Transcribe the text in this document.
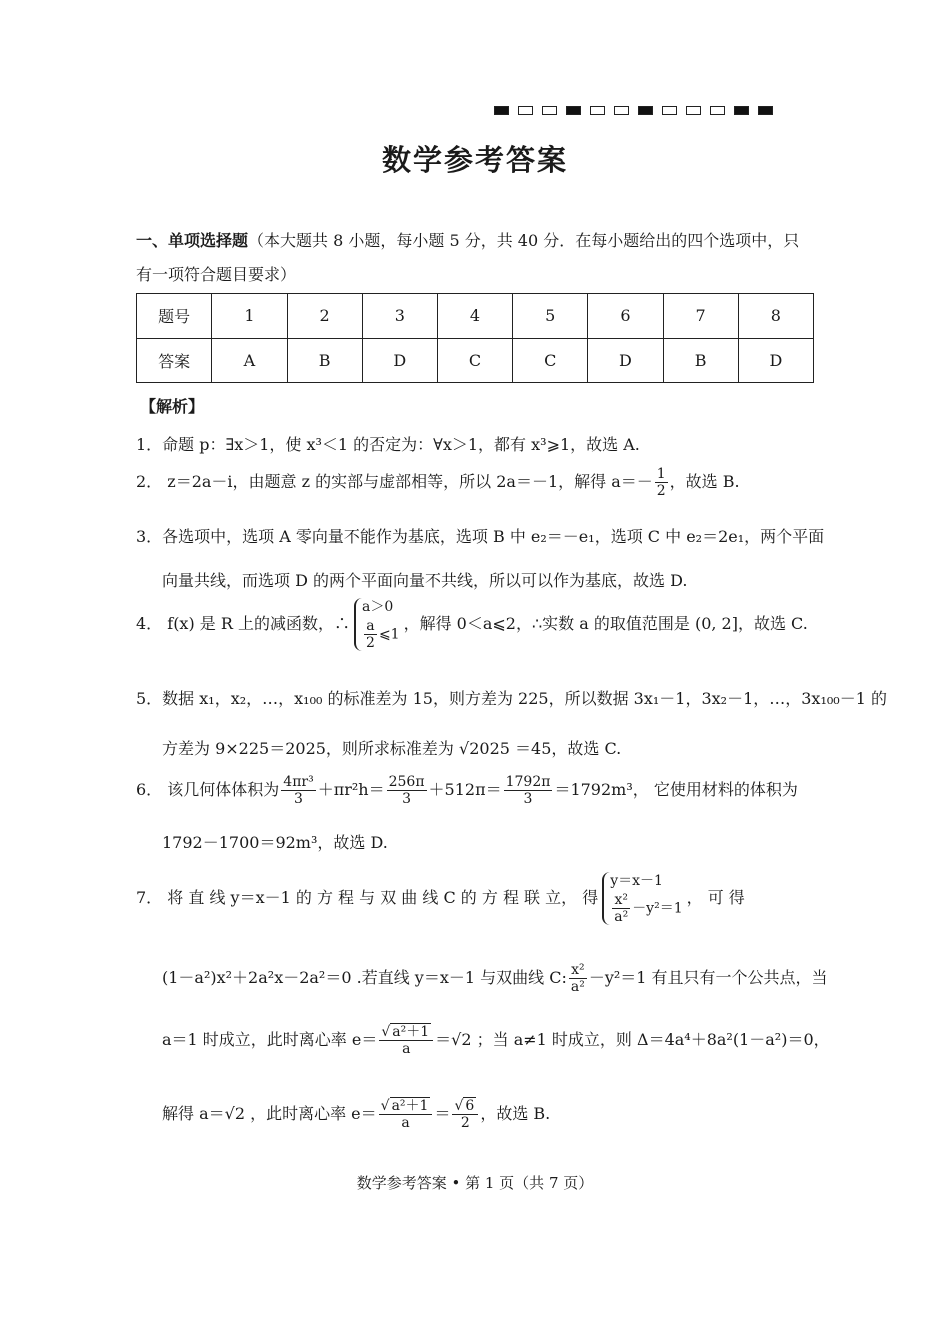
数学参考答案
一、单项选择题（本大题共 8 小题，每小题 5 分，共 40 分．在每小题给出的四个选项中，只
有一项符合题目要求）
题号	1	2	3	4	5	6	7	8
答案	A	B	D	C	C	D	B	D
【解析】
1．命题 p：∃x＞1，使 x³＜1 的否定为：∀x＞1，都有 x³⩾1，故选 A.
2． z＝2a－i，由题意 z 的实部与虚部相等，所以 2a＝－1，解得 $a=- \frac{1}{2}$ ，故选 B.
3．各选项中，选项 A 零向量不能作为基底，选项 B 中 e₂＝－e₁，选项 C 中 e₂＝2e₁，两个平面
向量共线，而选项 D 的两个平面向量不共线，所以可以作为基底，故选 D.
4． f(x) 是 R 上的减函数，∴
a＞0
$\frac{a}{2}$ ⩽1
，解得 0＜a⩽2，∴实数 a 的取值范围是 (0, 2]，故选 C.
5．数据 x₁，x₂，…，x₁₀₀ 的标准差为 15，则方差为 225，所以数据 3x₁－1，3x₂－1，…，3x₁₀₀－1 的
方差为 9×225＝2025，则所求标准差为 √2025 ＝45，故选 C.
6． 该几何体体积为 $\frac{\text{4πr³}}{3} +\pi r^2h= \frac{256\pi}{3} +512\pi= \frac{1792\pi}{3} =1792m^3$， 它使用材料的体积为
1792－1700＝92m³，故选 D.
7． 将 直 线 y＝x－1 的 方 程 与 双 曲 线 C 的 方 程 联 立， 得
y＝x－1
$\frac{\text{x²}}{\text{a²}} -y^2=1$
， 可 得
(1－a²)x²＋2a²x－2a²＝0 .若直线 y＝x－1 与双曲线 C: $\frac{\text{x²}}{\text{a²}} -y^2=1$ 有且只有一个公共点，当
a＝1 时成立，此时离心率 $e= \frac{\text{√ a²＋1}}{a} =√2$ ；当 a≠1 时成立，则 Δ＝4a⁴＋8a²(1－a²)＝0，
解得 a＝√2 ，此时离心率 $e= \frac{\text{√ a²＋1}}{a} = \frac{√ 6}{2}$ ，故选 B.
数学参考答案 • 第 1 页（共 7 页）
